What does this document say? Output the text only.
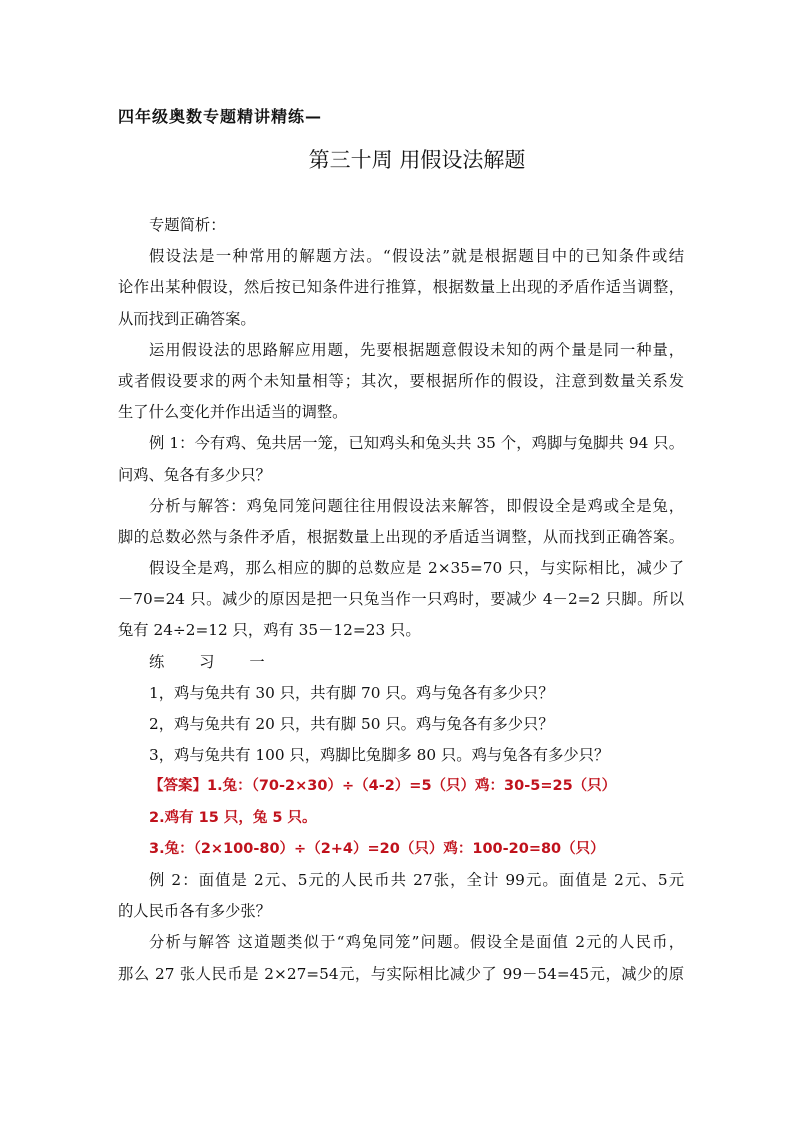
四年级奥数专题精讲精练—
第三十周 用假设法解题
专题简析：
假设法是一种常用的解题方法。“假设法”就是根据题目中的已知条件或结
论作出某种假设，然后按已知条件进行推算，根据数量上出现的矛盾作适当调整，
从而找到正确答案。
运用假设法的思路解应用题，先要根据题意假设未知的两个量是同一种量，
或者假设要求的两个未知量相等；其次，要根据所作的假设，注意到数量关系发
生了什么变化并作出适当的调整。
例 1：今有鸡、兔共居一笼，已知鸡头和兔头共 35 个，鸡脚与兔脚共 94 只。
问鸡、兔各有多少只？
分析与解答：鸡兔同笼问题往往用假设法来解答，即假设全是鸡或全是兔，
脚的总数必然与条件矛盾，根据数量上出现的矛盾适当调整，从而找到正确答案。
假设全是鸡，那么相应的脚的总数应是 2×35=70 只，与实际相比，减少了
－70=24 只。减少的原因是把一只兔当作一只鸡时，要减少 4－2=2 只脚。所以
兔有 24÷2=12 只，鸡有 35－12=23 只。
练 习 一
1，鸡与兔共有 30 只，共有脚 70 只。鸡与兔各有多少只？
2，鸡与兔共有 20 只，共有脚 50 只。鸡与兔各有多少只？
3，鸡与兔共有 100 只，鸡脚比兔脚多 80 只。鸡与兔各有多少只？
【答案】1.兔：（70-2×30）÷（4-2）=5（只）鸡：30-5=25（只）
2.鸡有 15 只，兔 5 只。
3.兔：（2×100-80）÷（2+4）=20（只）鸡：100-20=80（只）
例 2：面值是 2元、5元的人民币共 27张，全计 99元。面值是 2元、5元
的人民币各有多少张？
分析与解答 这道题类似于“鸡兔同笼”问题。假设全是面值 2元的人民币，
那么 27 张人民币是 2×27=54元，与实际相比减少了 99－54=45元，减少的原
